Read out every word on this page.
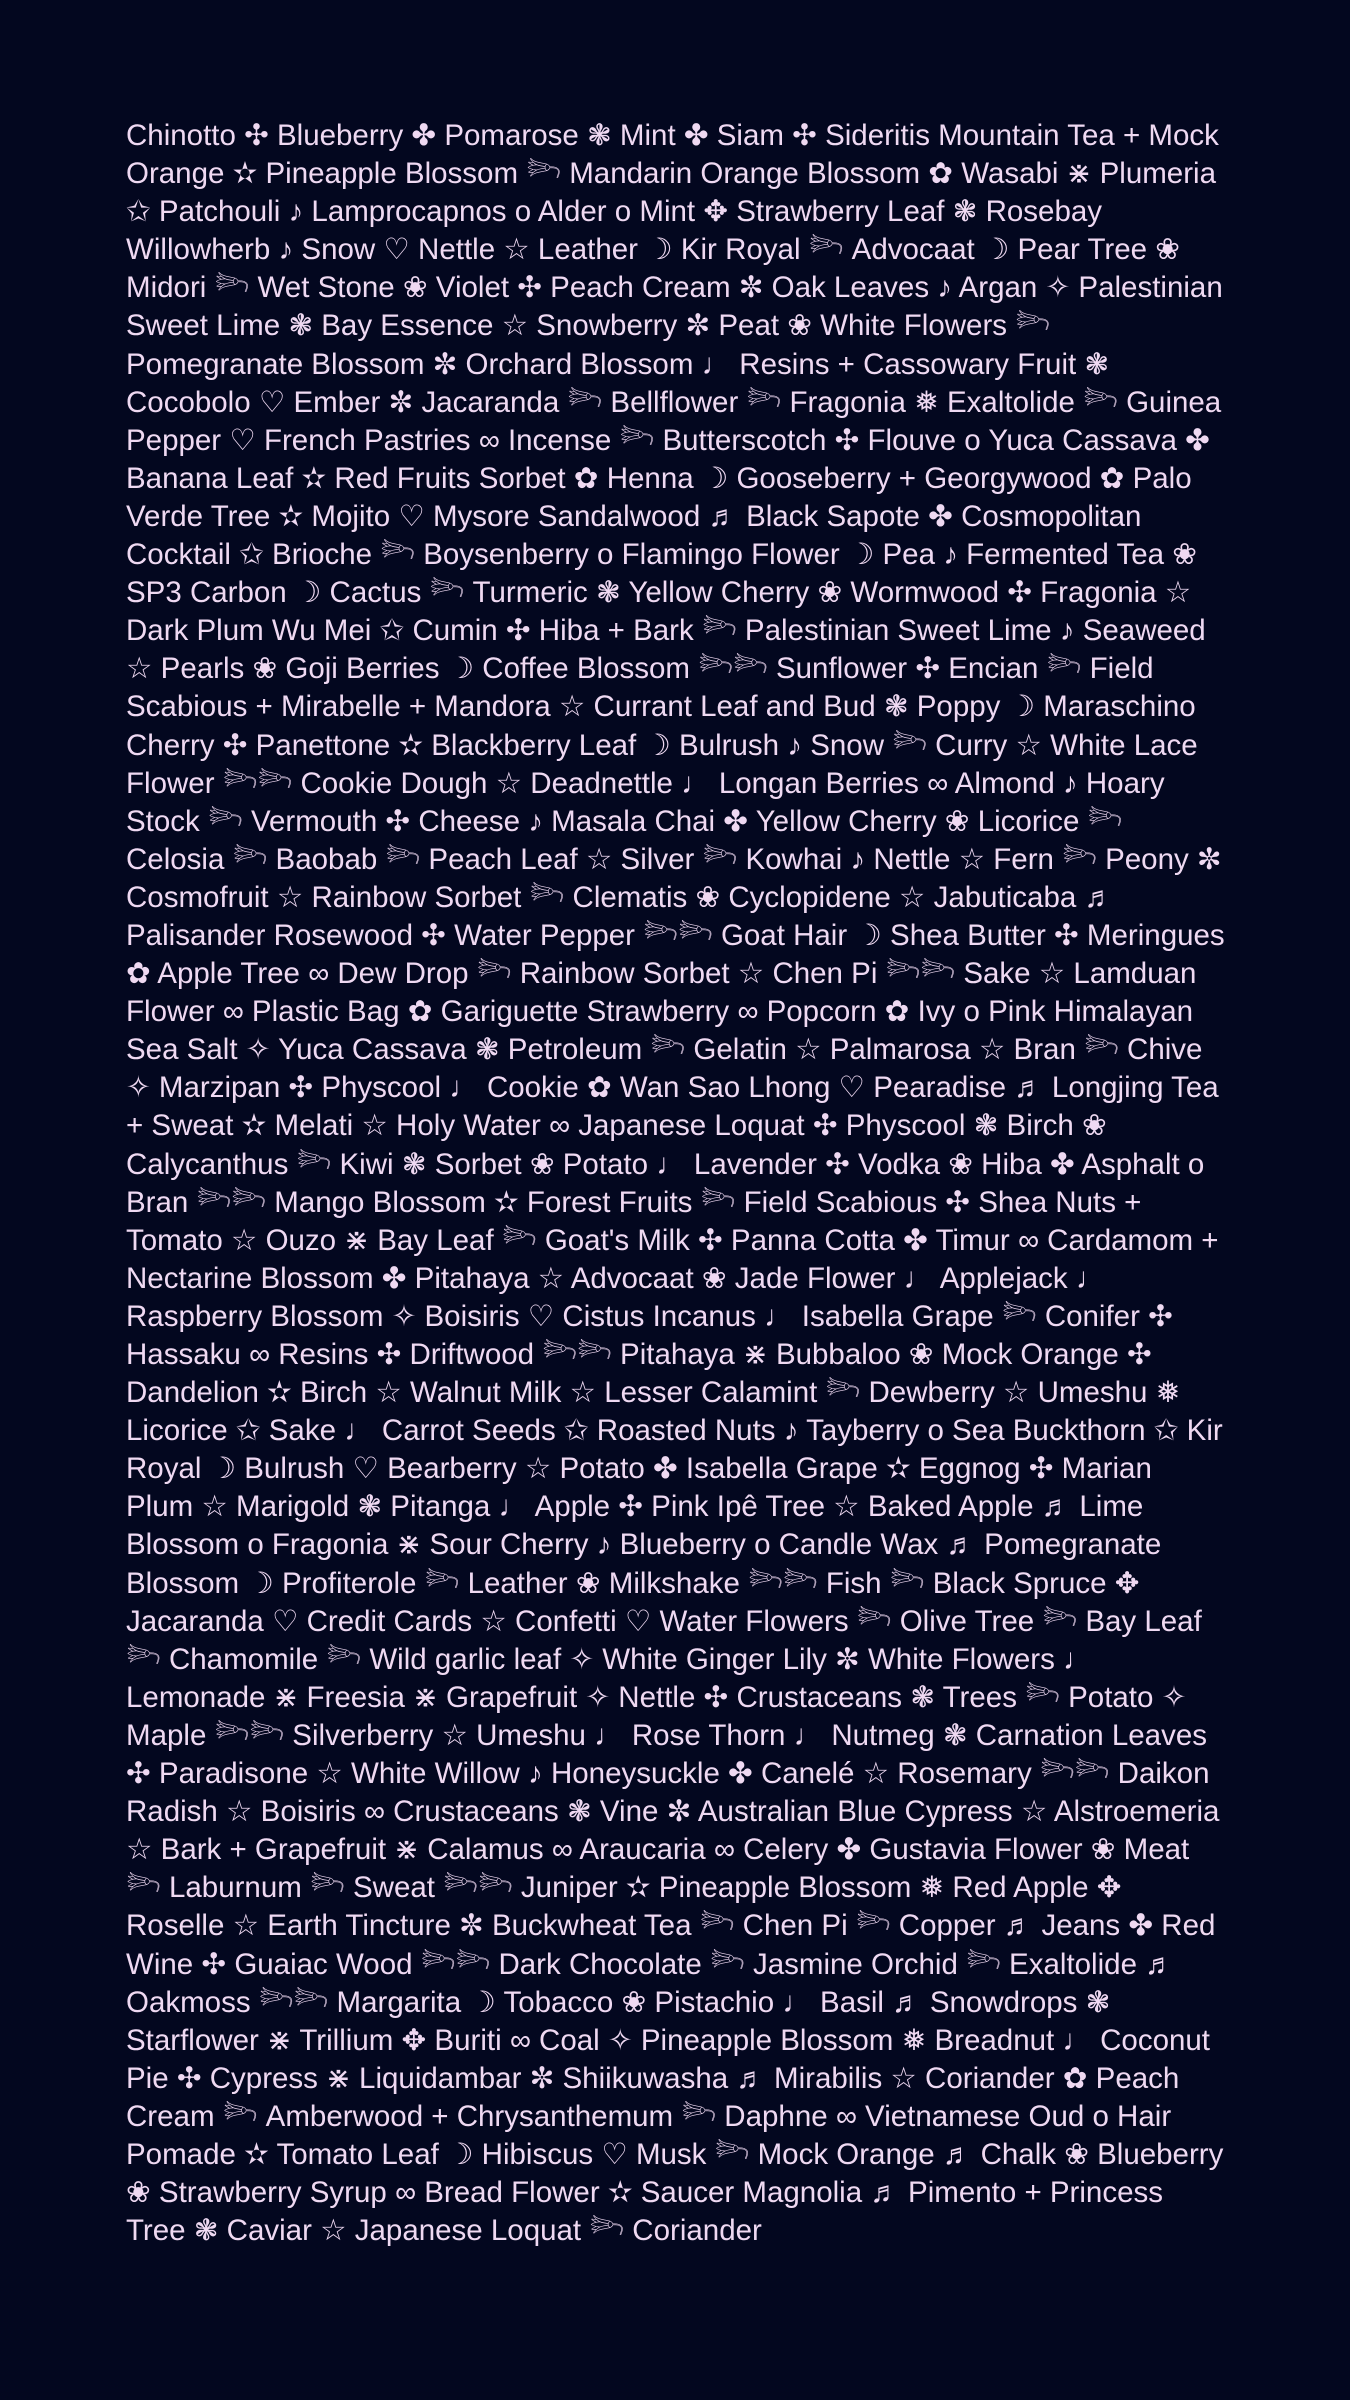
Chinotto ✣ Blueberry ✤ Pomarose ❃ Mint ✤ Siam ✣ Sideritis Mountain Tea + Mock Orange ✫ Pineapple Blossom 𓆸 Mandarin Orange Blossom ✿ Wasabi ⋇ Plumeria ✩ Patchouli ♪ Lamprocapnos o Alder o Mint ✥ Strawberry Leaf ❃ Rosebay Willowherb ♪ Snow ♡ Nettle ☆ Leather ☽ Kir Royal 𓆸 Advocaat ☽ Pear Tree ❀ Midori 𓆸 Wet Stone ❀ Violet ✣ Peach Cream ✼ Oak Leaves ♪ Argan ✧ Palestinian Sweet Lime ❃ Bay Essence ☆ Snowberry ✼ Peat ❀ White Flowers 𓆸 Pomegranate Blossom ✼ Orchard Blossom ♩ Resins + Cassowary Fruit ❃ Cocobolo ♡ Ember ✼ Jacaranda 𓆸 Bellflower 𓆸 Fragonia ❅ Exaltolide 𓆸 Guinea Pepper ♡ French Pastries ∞ Incense 𓆸 Butterscotch ✣ Flouve o Yuca Cassava ✤ Banana Leaf ✫ Red Fruits Sorbet ✿ Henna ☽ Gooseberry + Georgywood ✿ Palo Verde Tree ✫ Mojito ♡ Mysore Sandalwood ♬ Black Sapote ✤ Cosmopolitan Cocktail ✩ Brioche 𓆸 Boysenberry o Flamingo Flower ☽ Pea ♪ Fermented Tea ❀ SP3 Carbon ☽ Cactus 𓆸 Turmeric ❃ Yellow Cherry ❀ Wormwood ✣ Fragonia ☆ Dark Plum Wu Mei ✩ Cumin ✣ Hiba + Bark 𓆸 Palestinian Sweet Lime ♪ Seaweed ☆ Pearls ❀ Goji Berries ☽ Coffee Blossom 𓆸𓆸 Sunflower ✣ Encian 𓆸 Field Scabious + Mirabelle + Mandora ☆ Currant Leaf and Bud ❃ Poppy ☽ Maraschino Cherry ✣ Panettone ✫ Blackberry Leaf ☽ Bulrush ♪ Snow 𓆸 Curry ☆ White Lace Flower 𓆸𓆸 Cookie Dough ☆ Deadnettle ♩ Longan Berries ∞ Almond ♪ Hoary Stock 𓆸 Vermouth ✣ Cheese ♪ Masala Chai ✤ Yellow Cherry ❀ Licorice 𓆸 Celosia 𓆸 Baobab 𓆸 Peach Leaf ☆ Silver 𓆸 Kowhai ♪ Nettle ☆ Fern 𓆸 Peony ✼ Cosmofruit ☆ Rainbow Sorbet 𓆸 Clematis ❀ Cyclopidene ☆ Jabuticaba ♬ Palisander Rosewood ✣ Water Pepper 𓆸𓆸 Goat Hair ☽ Shea Butter ✣ Meringues ✿ Apple Tree ∞ Dew Drop 𓆸 Rainbow Sorbet ☆ Chen Pi 𓆸𓆸 Sake ☆ Lamduan Flower ∞ Plastic Bag ✿ Gariguette Strawberry ∞ Popcorn ✿ Ivy o Pink Himalayan Sea Salt ✧ Yuca Cassava ❃ Petroleum 𓆸 Gelatin ☆ Palmarosa ☆ Bran 𓆸 Chive ✧ Marzipan ✣ Physcool ♩ Cookie ✿ Wan Sao Lhong ♡ Pearadise ♬ Longjing Tea + Sweat ✫ Melati ☆ Holy Water ∞ Japanese Loquat ✣ Physcool ❃ Birch ❀ Calycanthus 𓆸 Kiwi ❃ Sorbet ❀ Potato ♩ Lavender ✣ Vodka ❀ Hiba ✤ Asphalt o Bran 𓆸𓆸 Mango Blossom ✫ Forest Fruits 𓆸 Field Scabious ✣ Shea Nuts + Tomato ☆ Ouzo ⋇ Bay Leaf 𓆸 Goat's Milk ✣ Panna Cotta ✤ Timur ∞ Cardamom + Nectarine Blossom ✤ Pitahaya ☆ Advocaat ❀ Jade Flower ♩ Applejack ♩ Raspberry Blossom ✧ Boisiris ♡ Cistus Incanus ♩ Isabella Grape 𓆸 Conifer ✣ Hassaku ∞ Resins ✣ Driftwood 𓆸𓆸 Pitahaya ⋇ Bubbaloo ❀ Mock Orange ✣ Dandelion ✫ Birch ☆ Walnut Milk ☆ Lesser Calamint 𓆸 Dewberry ☆ Umeshu ❅ Licorice ✩ Sake ♩ Carrot Seeds ✩ Roasted Nuts ♪ Tayberry o Sea Buckthorn ✩ Kir Royal ☽ Bulrush ♡ Bearberry ☆ Potato ✤ Isabella Grape ✫ Eggnog ✣ Marian Plum ☆ Marigold ❃ Pitanga ♩ Apple ✣ Pink Ipê Tree ☆ Baked Apple ♬ Lime Blossom o Fragonia ⋇ Sour Cherry ♪ Blueberry o Candle Wax ♬ Pomegranate Blossom ☽ Profiterole 𓆸 Leather ❀ Milkshake 𓆸𓆸 Fish 𓆸 Black Spruce ✥ Jacaranda ♡ Credit Cards ☆ Confetti ♡ Water Flowers 𓆸 Olive Tree 𓆸 Bay Leaf 𓆸 Chamomile 𓆸 Wild garlic leaf ✧ White Ginger Lily ✼ White Flowers ♩ Lemonade ⋇ Freesia ⋇ Grapefruit ✧ Nettle ✣ Crustaceans ❃ Trees 𓆸 Potato ✧ Maple 𓆸𓆸 Silverberry ☆ Umeshu ♩ Rose Thorn ♩ Nutmeg ❃ Carnation Leaves ✣ Paradisone ☆ White Willow ♪ Honeysuckle ✤ Canelé ☆ Rosemary 𓆸𓆸 Daikon Radish ☆ Boisiris ∞ Crustaceans ❃ Vine ✼ Australian Blue Cypress ☆ Alstroemeria ☆ Bark + Grapefruit ⋇ Calamus ∞ Araucaria ∞ Celery ✤ Gustavia Flower ❀ Meat 𓆸 Laburnum 𓆸 Sweat 𓆸𓆸 Juniper ✫ Pineapple Blossom ❅ Red Apple ✥ Roselle ☆ Earth Tincture ✼ Buckwheat Tea 𓆸 Chen Pi 𓆸 Copper ♬ Jeans ✤ Red Wine ✣ Guaiac Wood 𓆸𓆸 Dark Chocolate 𓆸 Jasmine Orchid 𓆸 Exaltolide ♬ Oakmoss 𓆸𓆸 Margarita ☽ Tobacco ❀ Pistachio ♩ Basil ♬ Snowdrops ❃ Starflower ⋇ Trillium ✥ Buriti ∞ Coal ✧ Pineapple Blossom ❅ Breadnut ♩ Coconut Pie ✣ Cypress ⋇ Liquidambar ✼ Shiikuwasha ♬ Mirabilis ☆ Coriander ✿ Peach Cream 𓆸 Amberwood + Chrysanthemum 𓆸 Daphne ∞ Vietnamese Oud o Hair Pomade ✫ Tomato Leaf ☽ Hibiscus ♡ Musk 𓆸 Mock Orange ♬ Chalk ❀ Blueberry ❀ Strawberry Syrup ∞ Bread Flower ✫ Saucer Magnolia ♬ Pimento + Princess Tree ❃ Caviar ☆ Japanese Loquat 𓆸 Coriander
